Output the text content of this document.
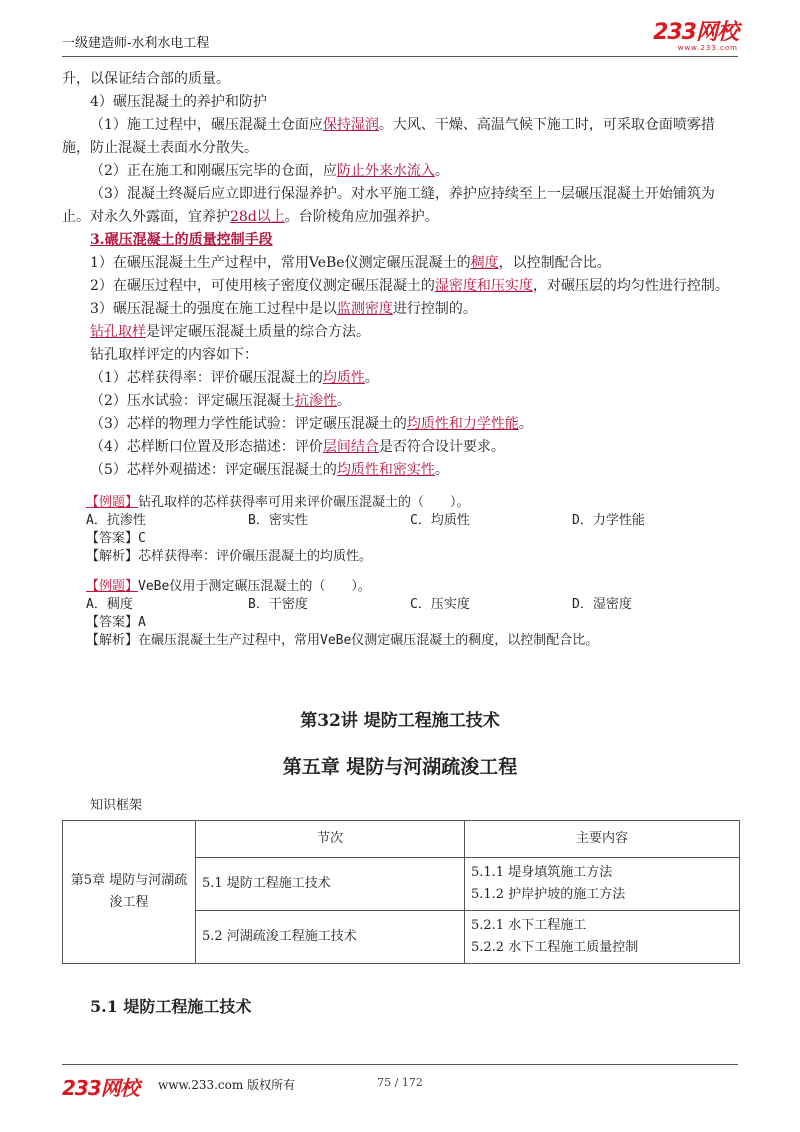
一级建造师-水利水电工程	233网校
www.233.com

升，以保证结合部的质量。

4）碾压混凝土的养护和防护

（1）施工过程中，碾压混凝土仓面应保持湿润。大风、干燥、高温气候下施工时，可采取仓面喷雾措施，防止混凝土表面水分散失。

（2）正在施工和刚碾压完毕的仓面，应防止外来水流入。

（3）混凝土终凝后应立即进行保湿养护。对水平施工缝，养护应持续至上一层碾压混凝土开始铺筑为止。对永久外露面，宜养护28d以上。台阶棱角应加强养护。

3.碾压混凝土的质量控制手段

1）在碾压混凝土生产过程中，常用VeBe仪测定碾压混凝土的稠度，以控制配合比。

2）在碾压过程中，可使用核子密度仪测定碾压混凝土的湿密度和压实度，对碾压层的均匀性进行控制。

3）碾压混凝土的强度在施工过程中是以监测密度进行控制的。

钻孔取样是评定碾压混凝土质量的综合方法。

钻孔取样评定的内容如下：

（1）芯样获得率：评价碾压混凝土的均质性。

（2）压水试验：评定碾压混凝土抗渗性。

（3）芯样的物理力学性能试验：评定碾压混凝土的均质性和力学性能。

（4）芯样断口位置及形态描述：评价层间结合是否符合设计要求。

（5）芯样外观描述：评定碾压混凝土的均质性和密实性。

【例题】钻孔取样的芯样获得率可用来评价碾压混凝土的（　　）。
A．抗渗性	B．密实性	C．均质性	D．力学性能
【答案】C
【解析】芯样获得率：评价碾压混凝土的均质性。
【例题】VeBe仪用于测定碾压混凝土的（　　）。
A．稠度	B．干密度	C．压实度	D．湿密度
【答案】A
【解析】在碾压混凝土生产过程中，常用VeBe仪测定碾压混凝土的稠度，以控制配合比。
第32讲 堤防工程施工技术
第五章 堤防与河湖疏浚工程
知识框架
第5章 堤防与河湖疏浚工程	节次	主要内容
	5.1 堤防工程施工技术	5.1.1 堤身填筑施工方法
5.1.2 护岸护坡的施工方法

	5.2 河湖疏浚工程施工技术	5.2.1 水下工程施工
5.2.2 水下工程施工质量控制
5.1 堤防工程施工技术
233网校 www.233.com 版权所有	75 / 172
